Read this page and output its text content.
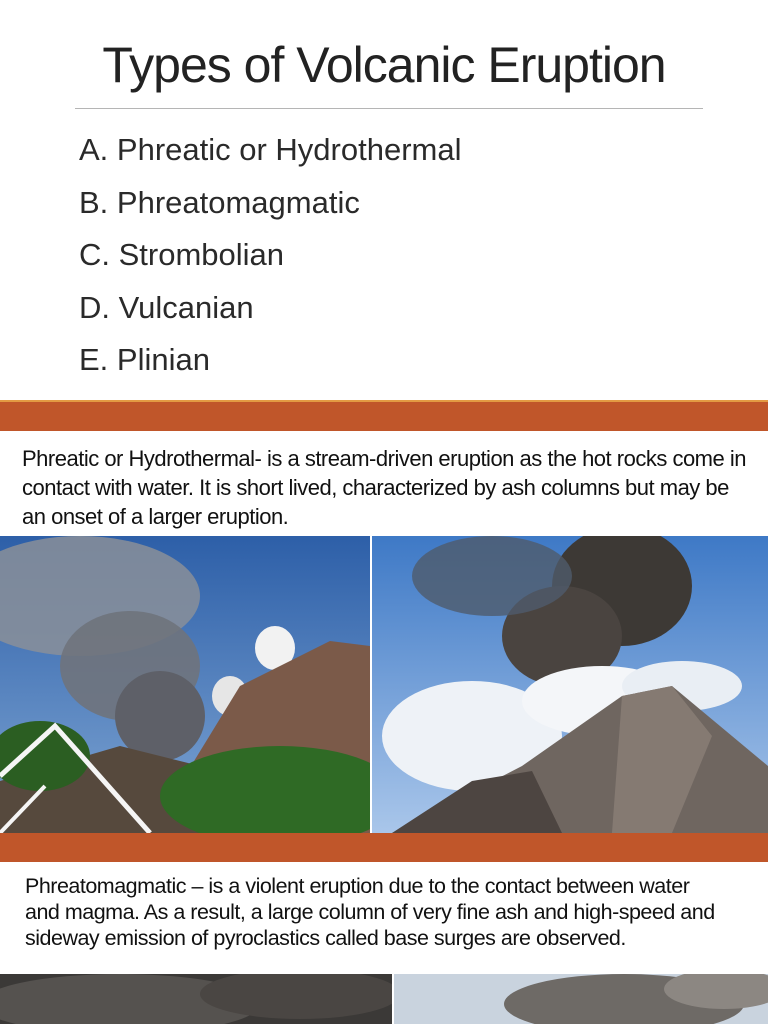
Types of Volcanic Eruption
A. Phreatic or Hydrothermal
B. Phreatomagmatic
C. Strombolian
D. Vulcanian
E. Plinian

Phreatic or Hydrothermal- is a stream-driven eruption as the hot rocks come in contact with water. It is short lived, characterized by ash columns but may be an onset of a larger eruption.

Phreatomagmatic – is a violent eruption due to the contact between water and magma. As a result, a large column of very fine ash and high-speed and sideway emission of pyroclastics called base surges are observed.
